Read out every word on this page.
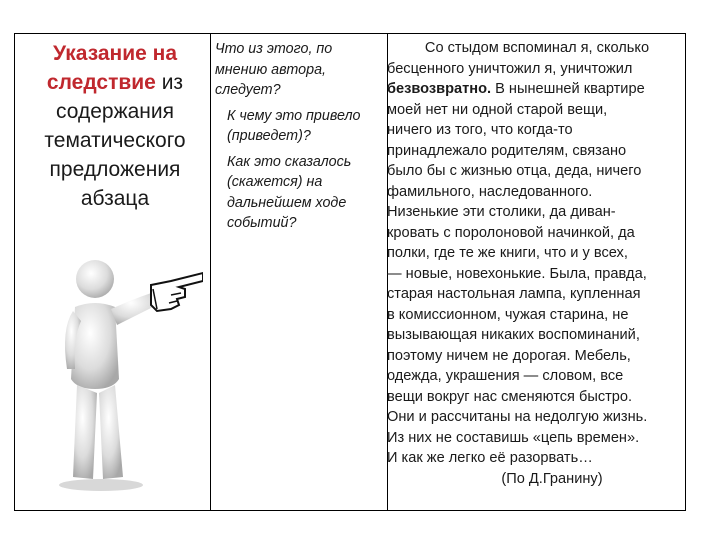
Указание на следствие из содержания тематического предложения абзаца

Что из этого, по мнению автора, следует?

К чему это привело (приведет)?

Как это сказалось (скажется) на дальнейшем ходе событий?

Со стыдом вспоминал я, сколько
бесценного уничтожил я, уничтожил
безвозвратно. В нынешней квартире
моей нет ни одной старой вещи,
ничего из того, что когда-то
принадлежало родителям, связано
было бы с жизнью отца, деда, ничего
фамильного, наследованного.
Низенькие эти столики, да диван-
кровать с поролоновой начинкой, да
полки, где те же книги, что и у всех,
— новые, новехонькие. Была, правда,
старая настольная лампа, купленная
в комиссионном, чужая старина, не
вызывающая никаких воспоминаний,
поэтому ничем не дорогая. Мебель,
одежда, украшения — словом, все
вещи вокруг нас сменяются быстро.
Они и рассчитаны на недолгую жизнь.
Из них не составишь «цепь времен».
И как же легко её разорвать…
(По Д.Гранину)
